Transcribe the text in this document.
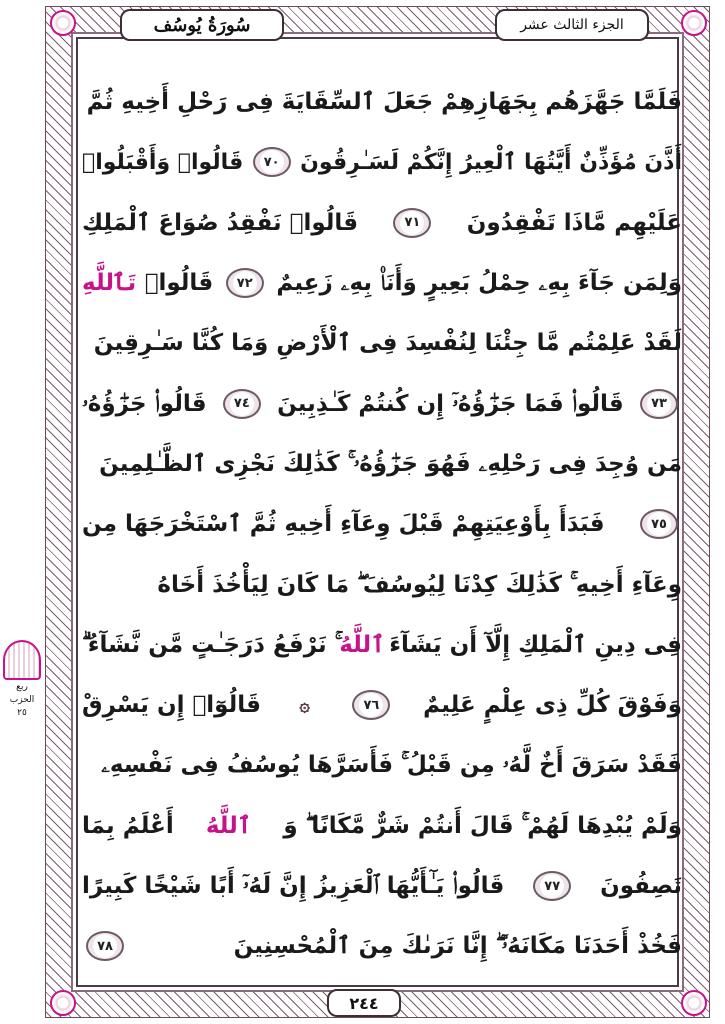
سُورَةُ يُوسُف	الجزء الثالث عشر
ربع
الحزب
٢٥
فَلَمَّا جَهَّزَهُم بِجَهَازِهِمْ جَعَلَ ٱلسِّقَايَةَ فِى رَحْلِ أَخِيهِ ثُمَّ
أَذَّنَ مُؤَذِّنٌ أَيَّتُهَا ٱلْعِيرُ إِنَّكُمْ لَسَـٰرِقُونَ
٧٠
قَالُوا۟ وَأَقْبَلُوا۟
عَلَيْهِم مَّاذَا تَفْقِدُونَ
٧١
قَالُوا۟ نَفْقِدُ صُوَاعَ ٱلْمَلِكِ
وَلِمَن جَآءَ بِهِۦ حِمْلُ بَعِيرٍ وَأَنَا۠ بِهِۦ زَعِيمٌ
٧٢
قَالُوا۟
تَٱللَّهِ
لَقَدْ عَلِمْتُم مَّا جِئْنَا لِنُفْسِدَ فِى ٱلْأَرْضِ وَمَا كُنَّا سَـٰرِقِينَ
٧٣
قَالُوا۟ فَمَا جَزَٰٓؤُهُۥٓ إِن كُنتُمْ كَـٰذِبِينَ
٧٤
قَالُوا۟ جَزَٰٓؤُهُۥ
مَن وُجِدَ فِى رَحْلِهِۦ فَهُوَ جَزَٰٓؤُهُۥ ۚ كَذَٰلِكَ نَجْزِى ٱلظَّـٰلِمِينَ
٧٥
فَبَدَأَ بِأَوْعِيَتِهِمْ قَبْلَ وِعَآءِ أَخِيهِ ثُمَّ ٱسْتَخْرَجَهَا مِن
وِعَآءِ أَخِيهِ ۚ كَذَٰلِكَ كِدْنَا لِيُوسُفَ ۖ مَا كَانَ لِيَأْخُذَ أَخَاهُ
فِى دِينِ ٱلْمَلِكِ إِلَّآ أَن يَشَآءَ
ٱللَّهُ
ۚ نَرْفَعُ دَرَجَـٰتٍ مَّن نَّشَآءُ ۗ
وَفَوْقَ كُلِّ ذِى عِلْمٍ عَلِيمٌ
٧٦
۞
قَالُوٓا۟ إِن يَسْرِقْ
فَقَدْ سَرَقَ أَخٌ لَّهُۥ مِن قَبْلُ ۚ فَأَسَرَّهَا يُوسُفُ فِى نَفْسِهِۦ
وَلَمْ يُبْدِهَا لَهُمْ ۚ قَالَ أَنتُمْ شَرٌّ مَّكَانًا ۖ وَ
ٱللَّهُ
أَعْلَمُ بِمَا
تَصِفُونَ
٧٧
قَالُوا۟ يَـٰٓأَيُّهَا ٱلْعَزِيزُ إِنَّ لَهُۥٓ أَبًا شَيْخًا كَبِيرًا
فَخُذْ أَحَدَنَا مَكَانَهُۥٓ ۖ إِنَّا نَرَىٰكَ مِنَ ٱلْمُحْسِنِينَ
٧٨
٢٤٤
